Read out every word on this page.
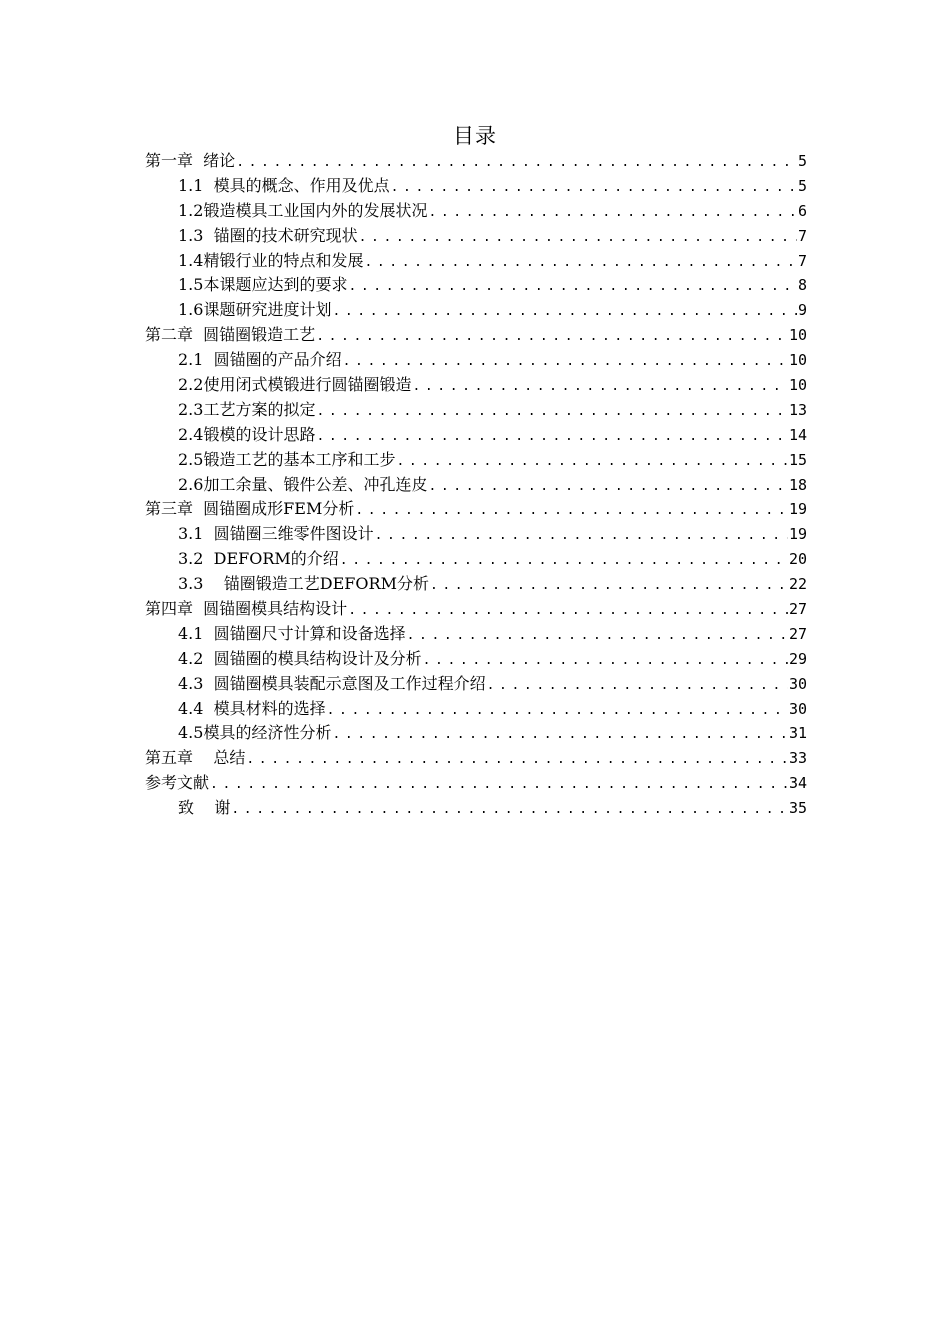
目录
第一章  绪论 .....	5
1.1  模具的概念、作用及优点 .....	5
1.2锻造模具工业国内外的发展状况 .....	6
1.3  锚圈的技术研究现状 .....	7
1.4精锻行业的特点和发展 .....	7
1.5本课题应达到的要求 .....	8
1.6课题研究进度计划 .....	9
第二章  圆锚圈锻造工艺 .....	10
2.1  圆锚圈的产品介绍 .....	10
2.2使用闭式模锻进行圆锚圈锻造 .....	10
2.3工艺方案的拟定 .....	13
2.4锻模的设计思路 .....	14
2.5锻造工艺的基本工序和工步 .....	15
2.6加工余量、锻件公差、冲孔连皮 .....	18
第三章  圆锚圈成形FEM分析 .....	19
3.1  圆锚圈三维零件图设计 .....	19
3.2  DEFORM的介绍 .....	20
3.3    锚圈锻造工艺DEFORM分析 .....	22
第四章  圆锚圈模具结构设计 .....	27
4.1  圆锚圈尺寸计算和设备选择 .....	27
4.2  圆锚圈的模具结构设计及分析 .....	29
4.3  圆锚圈模具装配示意图及工作过程介绍 .....	30
4.4  模具材料的选择 .....	30
4.5模具的经济性分析 .....	31
第五章    总结 .....	33
参考文献 .....	34
致    谢 .....	35
